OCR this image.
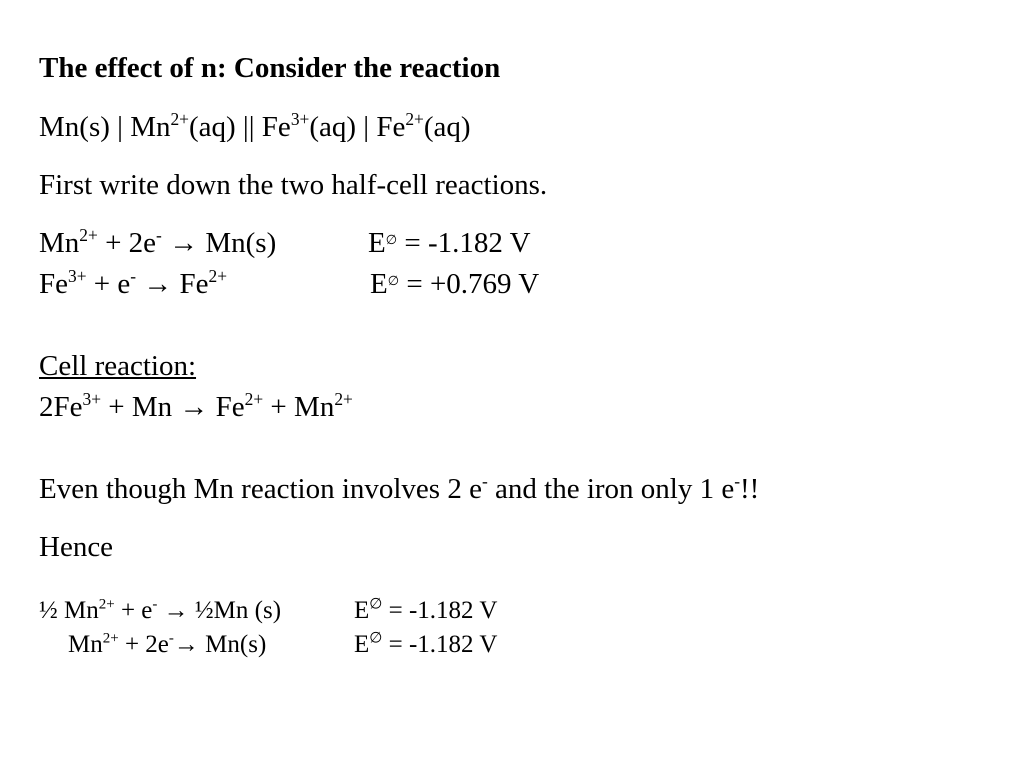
The effect of n: Consider the reaction
Mn(s) | $Mn^{2+}(aq)$ || $Fe^{3+}(aq)$ | $Fe^{2+}(aq)$
First write down the two half-cell reactions.
$Mn^{2+} + 2e^- \to Mn(s)$	E∅ = -1.182 V
$Fe^{3+} + e^- \to Fe^{2+}$	E∅ = +0.769 V
Cell reaction:
$2Fe^{3+} + Mn \to Fe^{2+} + Mn^{2+}$
Even though Mn reaction involves 2 e- and the iron only 1 e-!!
Hence
½ $Mn^{2+} + e^-$ → ½Mn (s)	E∅ = -1.182 V
$Mn^{2+} + 2e^-\to Mn(s)$	E∅ = -1.182 V
